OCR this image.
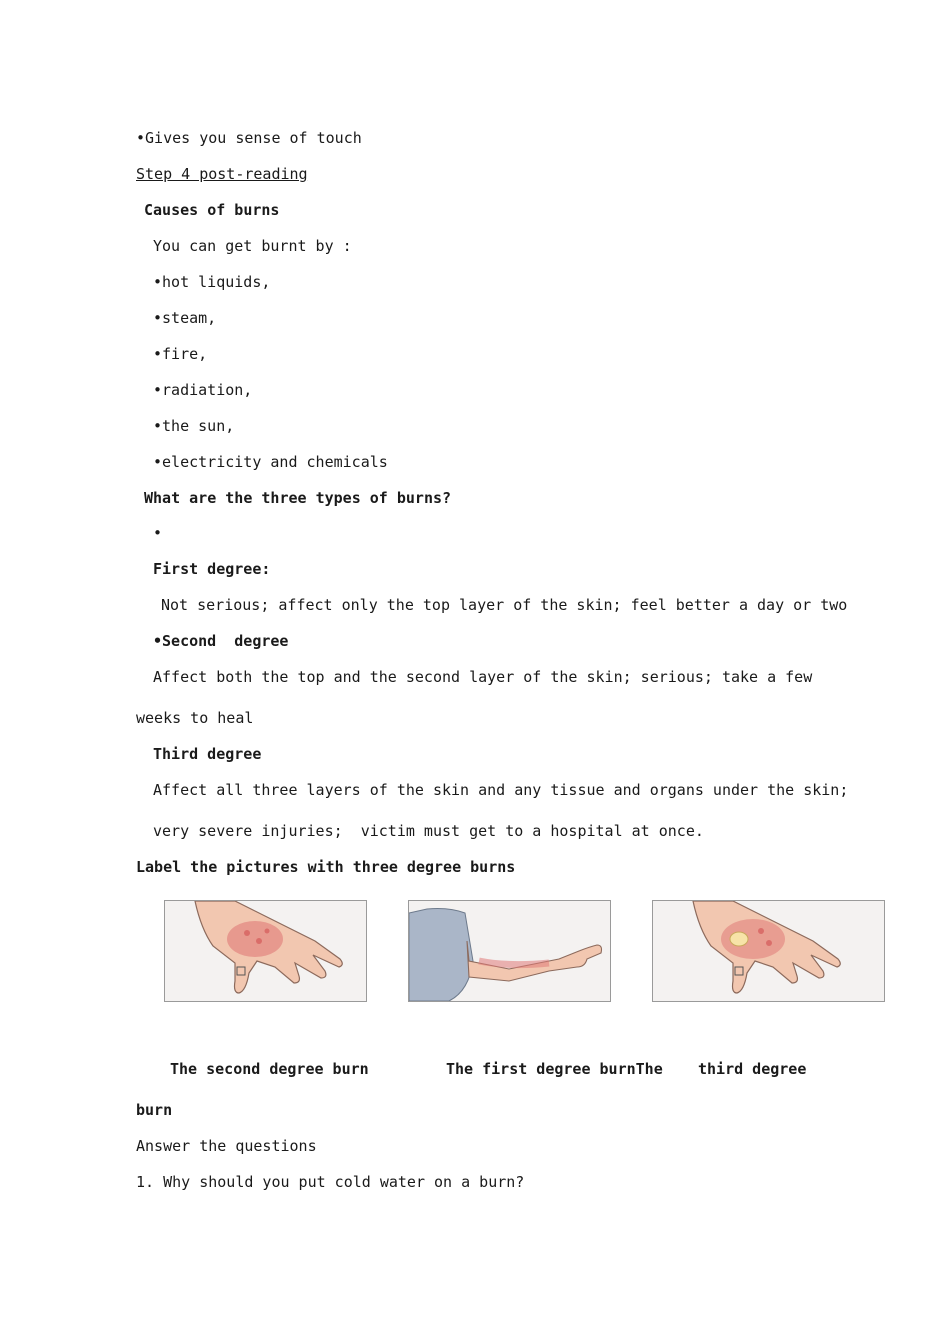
•Gives you sense of touch
Step 4 post-reading
Causes of burns
You can get burnt by :
•hot liquids,
•steam,
•fire,
•radiation,
•the sun,
•electricity and chemicals
What are the three types of burns?
•
First degree:
Not serious; affect only the top layer of the skin; feel better a day or two
•Second  degree
Affect both the top and the second layer of the skin; serious; take a few
weeks to heal
Third degree
Affect all three layers of the skin and any tissue and organs under the skin;
very severe injuries;  victim must get to a hospital at once.
Label the pictures with three degree burns
The second degree burn	The first degree burnThe third degree
burn
Answer the questions
1. Why should you put cold water on a burn?
